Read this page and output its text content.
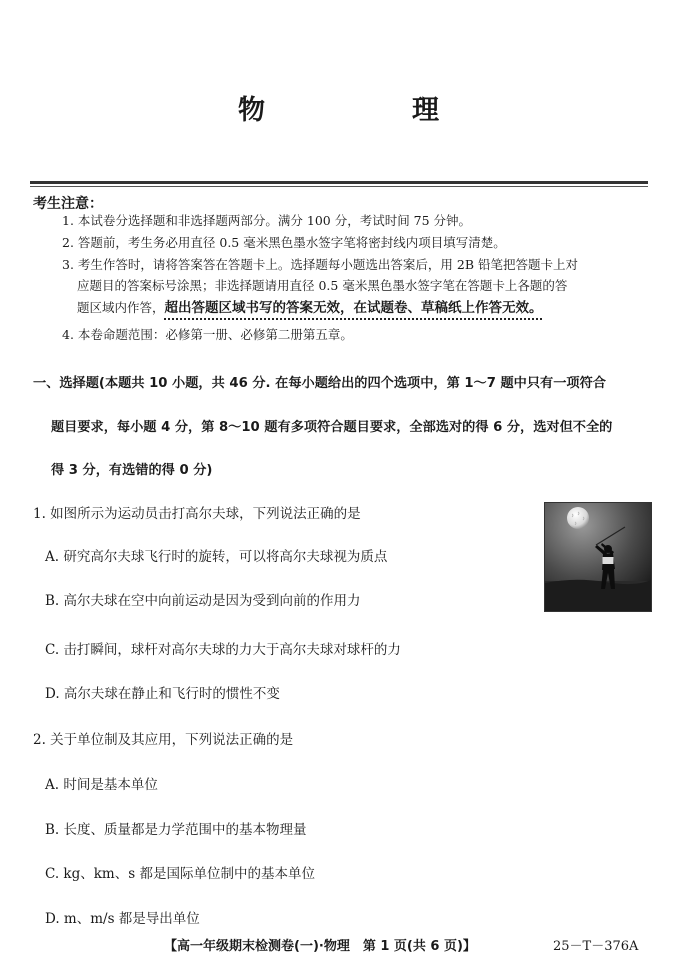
物　理
考生注意：
1. 本试卷分选择题和非选择题两部分。满分 100 分，考试时间 75 分钟。
2. 答题前，考生务必用直径 0.5 毫米黑色墨水签字笔将密封线内项目填写清楚。
3. 考生作答时，请将答案答在答题卡上。选择题每小题选出答案后，用 2B 铅笔把答题卡上对
应题目的答案标号涂黑；非选择题请用直径 0.5 毫米黑色墨水签字笔在答题卡上各题的答
题区域内作答，超出答题区域书写的答案无效，在试题卷、草稿纸上作答无效。
4. 本卷命题范围：必修第一册、必修第二册第五章。
一、选择题(本题共 10 小题，共 46 分. 在每小题给出的四个选项中，第 1～7 题中只有一项符合
题目要求，每小题 4 分，第 8～10 题有多项符合题目要求，全部选对的得 6 分，选对但不全的
得 3 分，有选错的得 0 分)
1. 如图所示为运动员击打高尔夫球，下列说法正确的是
A. 研究高尔夫球飞行时的旋转，可以将高尔夫球视为质点
B. 高尔夫球在空中向前运动是因为受到向前的作用力
C. 击打瞬间，球杆对高尔夫球的力大于高尔夫球对球杆的力
D. 高尔夫球在静止和飞行时的惯性不变
2. 关于单位制及其应用，下列说法正确的是
A. 时间是基本单位
B. 长度、质量都是力学范围中的基本物理量
C. kg、km、s 都是国际单位制中的基本单位
D. m、m/s 都是导出单位
【高一年级期末检测卷(一)·物理　第 1 页(共 6 页)】	25－T－376A
